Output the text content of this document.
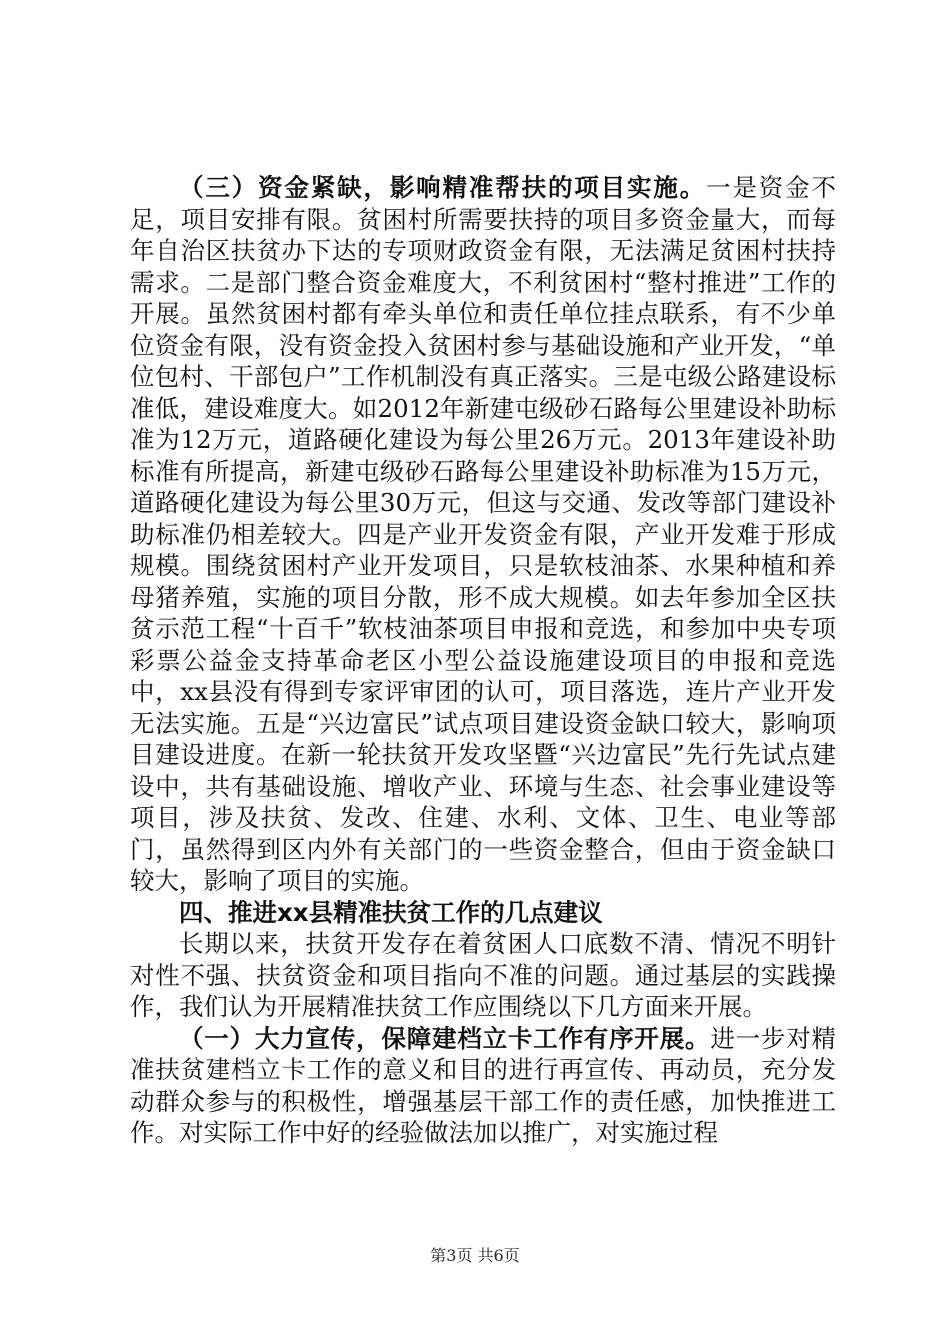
（三）资金紧缺，影响精准帮扶的项目实施。一是资金不足，项目安排有限。贫困村所需要扶持的项目多资金量大，而每年自治区扶贫办下达的专项财政资金有限，无法满足贫困村扶持需求。二是部门整合资金难度大，不利贫困村“整村推进”工作的开展。虽然贫困村都有牵头单位和责任单位挂点联系，有不少单位资金有限，没有资金投入贫困村参与基础设施和产业开发，“单位包村、干部包户”工作机制没有真正落实。三是屯级公路建设标准低，建设难度大。如2012年新建屯级砂石路每公里建设补助标准为12万元，道路硬化建设为每公里26万元。2013年建设补助标准有所提高，新建屯级砂石路每公里建设补助标准为15万元，道路硬化建设为每公里30万元，但这与交通、发改等部门建设补助标准仍相差较大。四是产业开发资金有限，产业开发难于形成规模。围绕贫困村产业开发项目，只是软枝油茶、水果种植和养母猪养殖，实施的项目分散，形不成大规模。如去年参加全区扶贫示范工程“十百千”软枝油茶项目申报和竞选，和参加中央专项彩票公益金支持革命老区小型公益设施建设项目的申报和竞选中，xx县没有得到专家评审团的认可，项目落选，连片产业开发无法实施。五是“兴边富民”试点项目建设资金缺口较大，影响项目建设进度。在新一轮扶贫开发攻坚暨“兴边富民”先行先试点建设中，共有基础设施、增收产业、环境与生态、社会事业建设等项目，涉及扶贫、发改、住建、水利、文体、卫生、电业等部门，虽然得到区内外有关部门的一些资金整合，但由于资金缺口较大，影响了项目的实施。

四、推进xx县精准扶贫工作的几点建议

长期以来，扶贫开发存在着贫困人口底数不清、情况不明针对性不强、扶贫资金和项目指向不准的问题。通过基层的实践操作，我们认为开展精准扶贫工作应围绕以下几方面来开展。

（一）大力宣传，保障建档立卡工作有序开展。进一步对精准扶贫建档立卡工作的意义和目的进行再宣传、再动员，充分发动群众参与的积极性，增强基层干部工作的责任感，加快推进工作。对实际工作中好的经验做法加以推广，对实施过程

第3页 共6页
